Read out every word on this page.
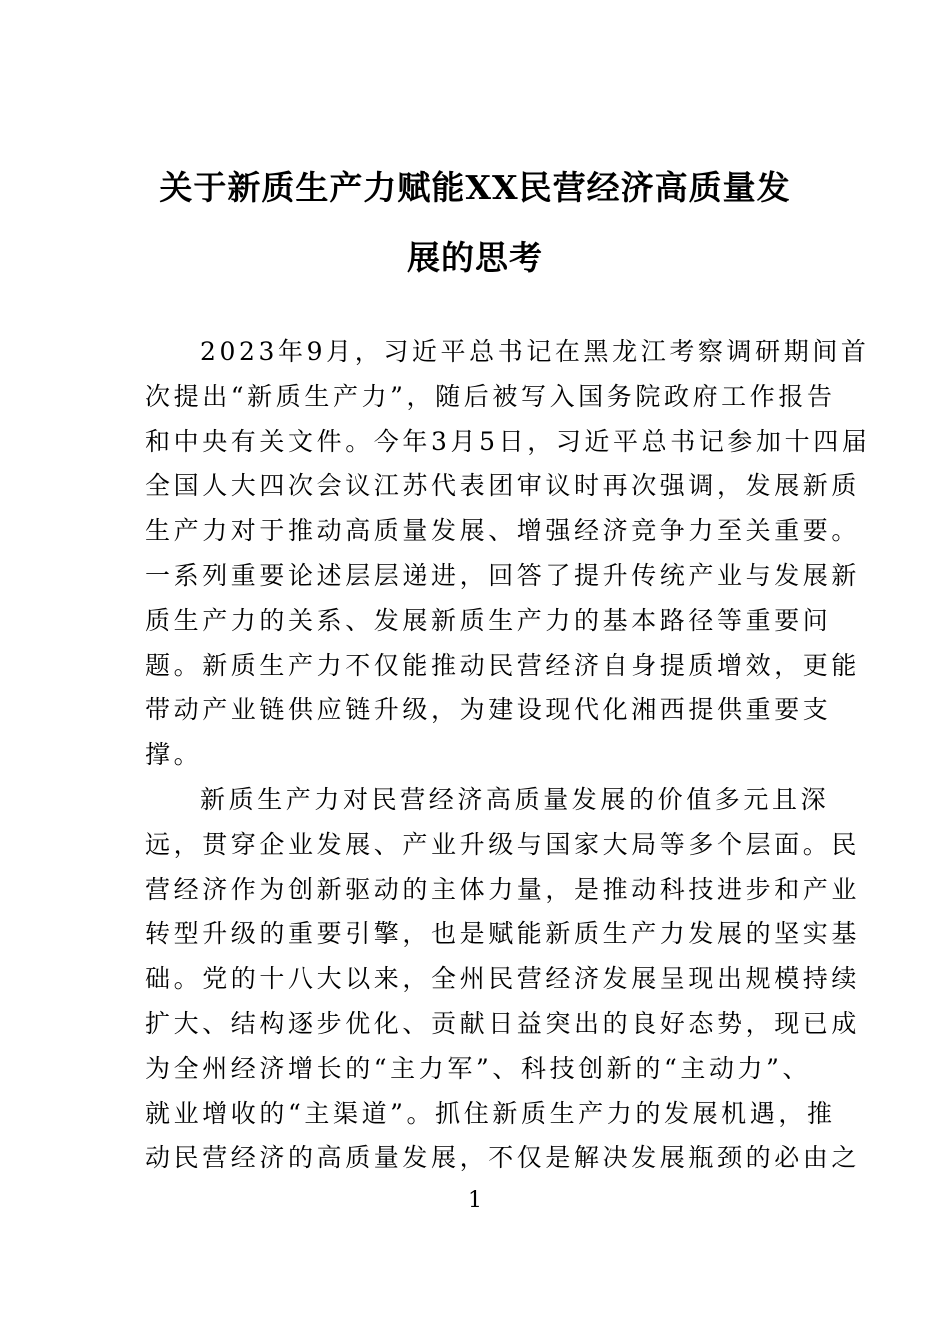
关于新质生产力赋能XX民营经济高质量发
展的思考
2023年9月，习近平总书记在黑龙江考察调研期间首
次提出“新质生产力”，随后被写入国务院政府工作报告
和中央有关文件。今年3月5日，习近平总书记参加十四届
全国人大四次会议江苏代表团审议时再次强调，发展新质
生产力对于推动高质量发展、增强经济竞争力至关重要。
一系列重要论述层层递进，回答了提升传统产业与发展新
质生产力的关系、发展新质生产力的基本路径等重要问
题。新质生产力不仅能推动民营经济自身提质增效，更能
带动产业链供应链升级，为建设现代化湘西提供重要支
撑。
新质生产力对民营经济高质量发展的价值多元且深
远，贯穿企业发展、产业升级与国家大局等多个层面。民
营经济作为创新驱动的主体力量，是推动科技进步和产业
转型升级的重要引擎，也是赋能新质生产力发展的坚实基
础。党的十八大以来，全州民营经济发展呈现出规模持续
扩大、结构逐步优化、贡献日益突出的良好态势，现已成
为全州经济增长的“主力军”、科技创新的“主动力”、
就业增收的“主渠道”。抓住新质生产力的发展机遇，推
动民营经济的高质量发展，不仅是解决发展瓶颈的必由之
1
